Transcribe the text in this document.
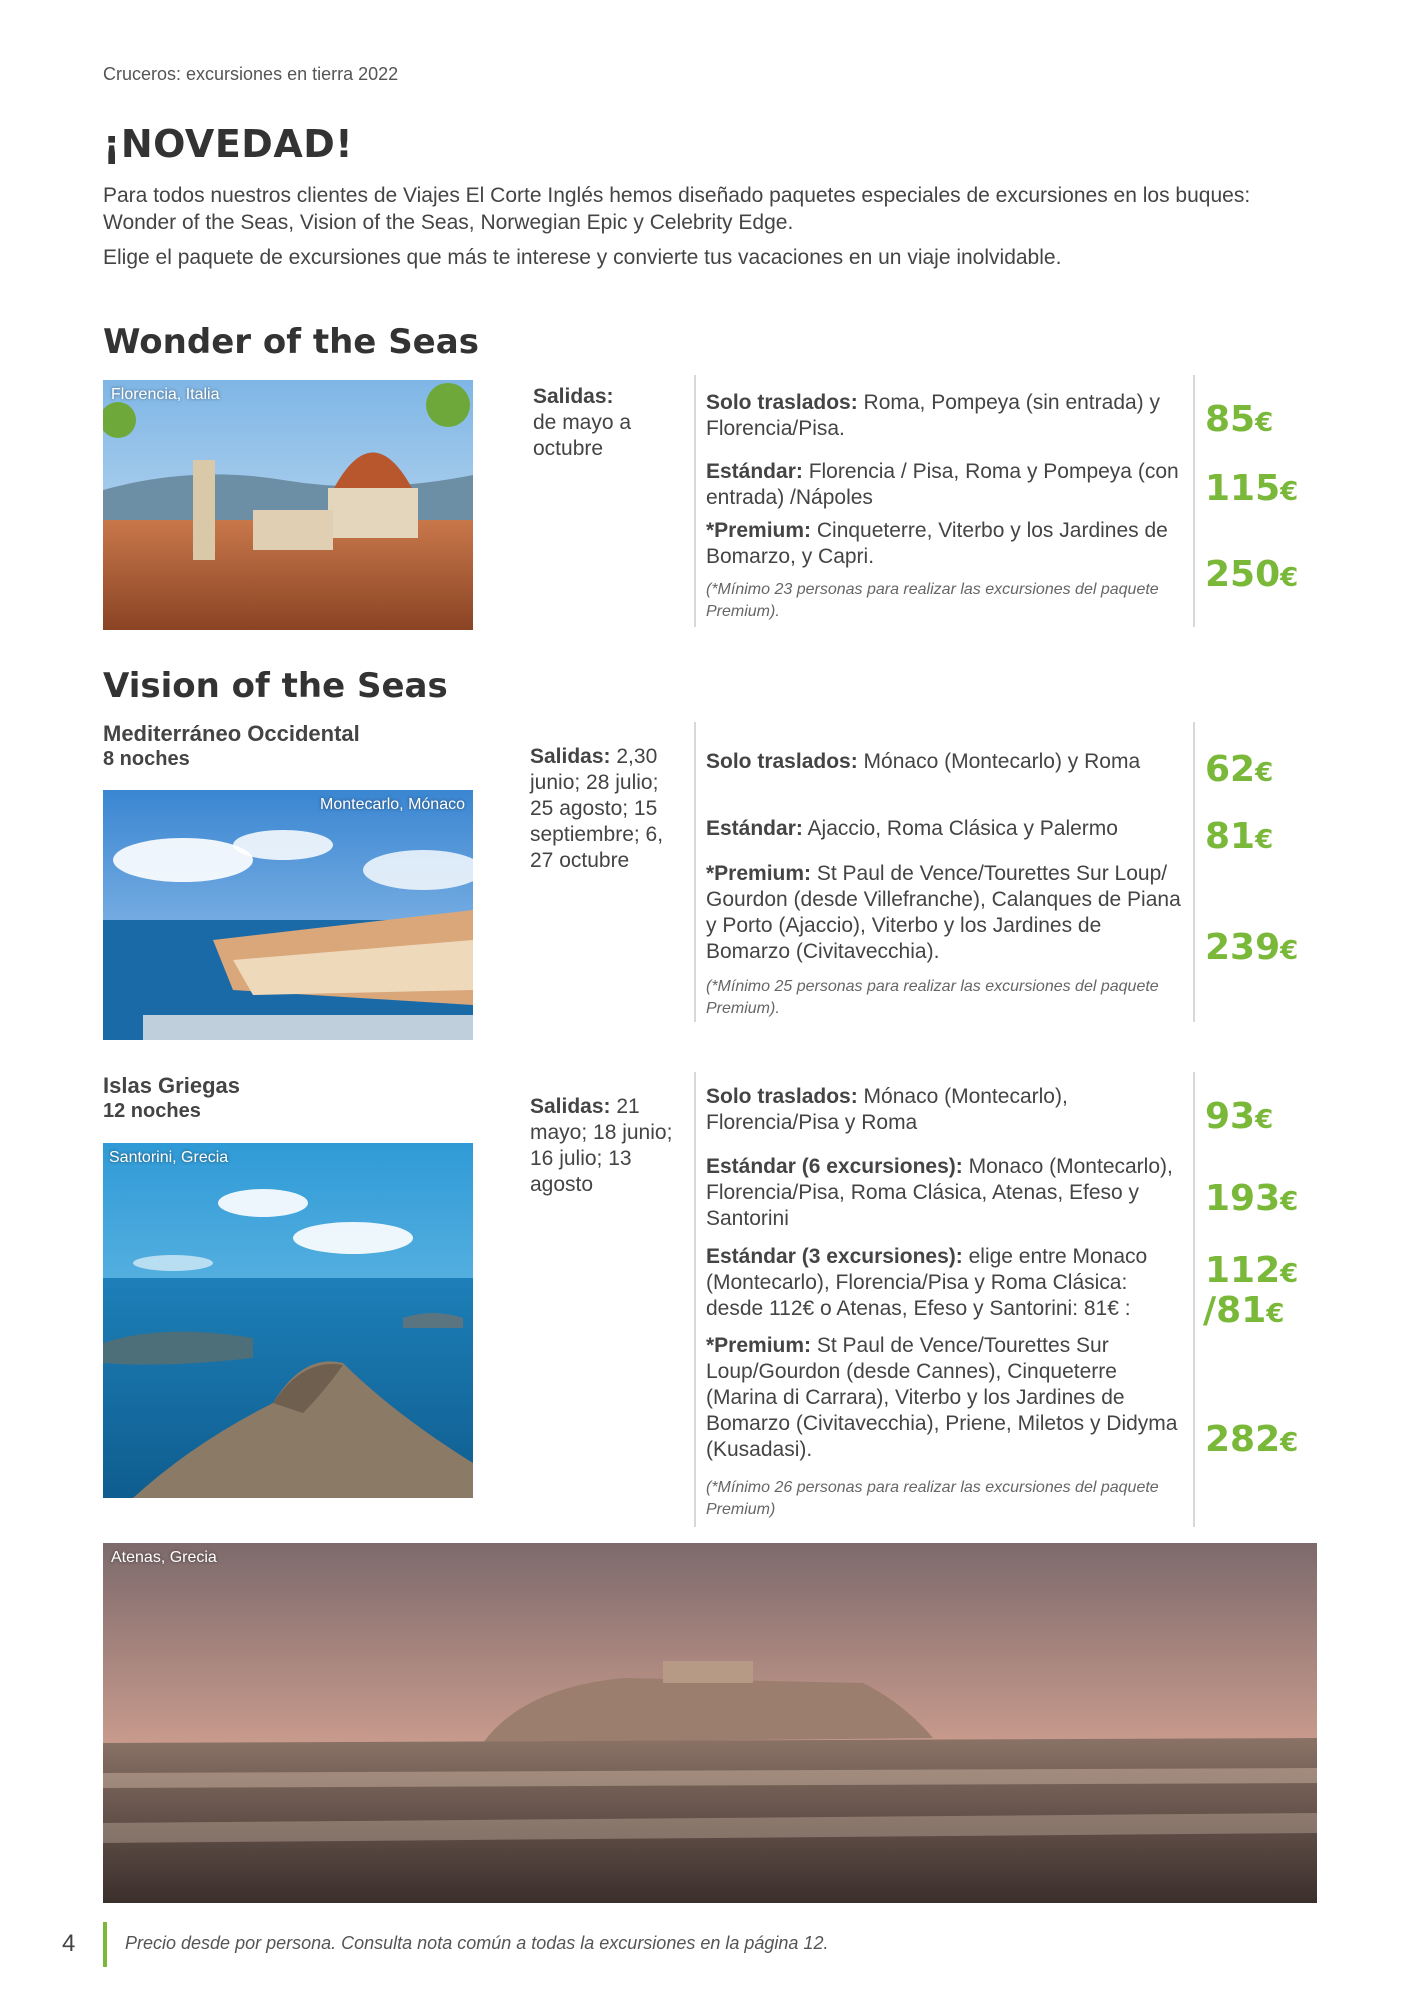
Cruceros: excursiones en tierra 2022
¡NOVEDAD!

Para todos nuestros clientes de Viajes El Corte Inglés hemos diseñado paquetes especiales de excursiones en los buques: Wonder of the Seas, Vision of the Seas, Norwegian Epic y Celebrity Edge.

Elige el paquete de excursiones que más te interese y convierte tus vacaciones en un viaje inolvidable.

Wonder of the Seas
Florencia, Italia	Salidas:
de mayo a octubre
Solo traslados: Roma, Pompeya (sin entrada) y Florencia/Pisa.
Estándar: Florencia / Pisa, Roma y Pompeya (con entrada) /Nápoles
*Premium: Cinqueterre, Viterbo y los Jardines de Bomarzo, y Capri.
(*Mínimo 23 personas para realizar las excursiones del paquete Premium).
85€
115€
250€
Vision of the Seas
Mediterráneo Occidental
8 noches
Montecarlo, Mónaco
Salidas: 2,30 junio; 28 julio; 25 agosto; 15 septiembre; 6, 27 octubre
Solo traslados: Mónaco (Montecarlo) y Roma
Estándar: Ajaccio, Roma Clásica y Palermo
*Premium: St Paul de Vence/Tourettes Sur Loup/ Gourdon (desde Villefranche), Calanques de Piana y Porto (Ajaccio), Viterbo y los Jardines de Bomarzo (Civitavecchia).
(*Mínimo 25 personas para realizar las excursiones del paquete Premium).
62€
81€
239€
Islas Griegas
12 noches
Santorini, Grecia
Salidas: 21 mayo; 18 junio; 16 julio; 13 agosto
Solo traslados: Mónaco (Montecarlo), Florencia/Pisa y Roma
Estándar (6 excursiones): Monaco (Montecarlo), Florencia/Pisa, Roma Clásica, Atenas, Efeso y Santorini
Estándar (3 excursiones): elige entre Monaco (Montecarlo), Florencia/Pisa y Roma Clásica: desde 112€ o Atenas, Efeso y Santorini: 81€ :
*Premium: St Paul de Vence/Tourettes Sur Loup/Gourdon (desde Cannes), Cinqueterre (Marina di Carrara), Viterbo y los Jardines de Bomarzo (Civitavecchia), Priene, Miletos y Didyma (Kusadasi).
(*Mínimo 26 personas para realizar las excursiones del paquete Premium)
93€
193€
112€
/81€
282€
Atenas, Grecia
4	Precio desde por persona. Consulta nota común a todas la excursiones en la página 12.
